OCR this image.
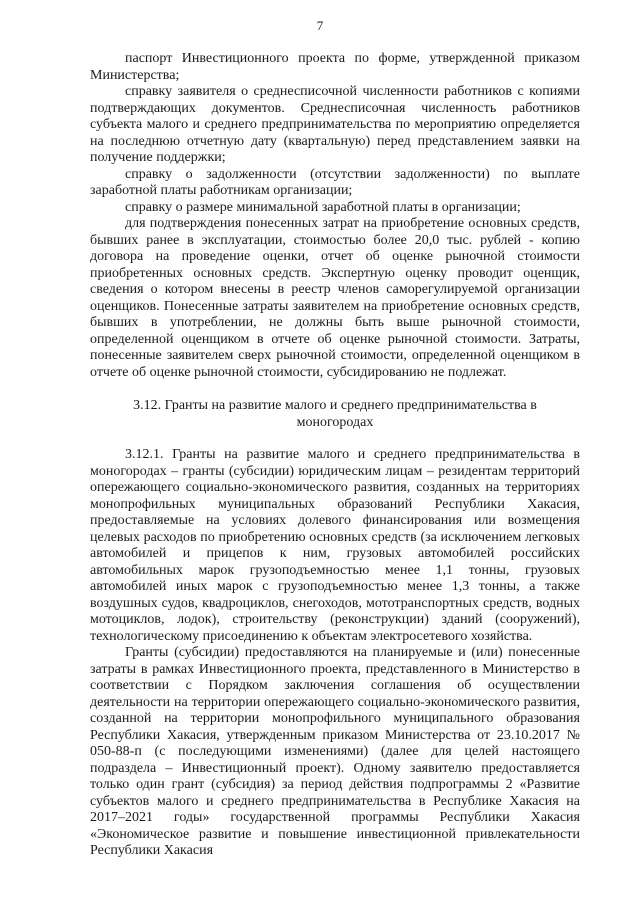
7

паспорт Инвестиционного проекта по форме, утвержденной приказом Министерства;

справку заявителя о среднесписочной численности работников с копиями подтверждающих документов. Среднесписочная численность работников субъекта малого и среднего предпринимательства по мероприятию определяется на последнюю отчетную дату (квартальную) перед представлением заявки на получение поддержки;

справку о задолженности (отсутствии задолженности) по выплате заработной платы работникам организации;

справку о размере минимальной заработной платы в организации;

для подтверждения понесенных затрат на приобретение основных средств, бывших ранее в эксплуатации, стоимостью более 20,0 тыс. рублей - копию договора на проведение оценки, отчет об оценке рыночной стоимости приобретенных основных средств. Экспертную оценку проводит оценщик, сведения о котором внесены в реестр членов саморегулируемой организации оценщиков. Понесенные затраты заявителем на приобретение основных средств, бывших в употреблении, не должны быть выше рыночной стоимости, определенной оценщиком в отчете об оценке рыночной стоимости. Затраты, понесенные заявителем сверх рыночной стоимости, определенной оценщиком в отчете об оценке рыночной стоимости, субсидированию не подлежат.

3.12. Гранты на развитие малого и среднего предпринимательства в моногородах

3.12.1. Гранты на развитие малого и среднего предпринимательства в моногородах – гранты (субсидии) юридическим лицам – резидентам территорий опережающего социально-экономического развития, созданных на территориях монопрофильных муниципальных образований Республики Хакасия, предоставляемые на условиях долевого финансирования или возмещения целевых расходов по приобретению основных средств (за исключением легковых автомобилей и прицепов к ним, грузовых автомобилей российских автомобильных марок грузоподъемностью менее 1,1 тонны, грузовых автомобилей иных марок с грузоподъемностью менее 1,3 тонны, а также воздушных судов, квадроциклов, снегоходов, мототранспортных средств, водных мотоциклов, лодок), строительству (реконструкции) зданий (сооружений), технологическому присоединению к объектам электросетевого хозяйства.

Гранты (субсидии) предоставляются на планируемые и (или) понесенные затраты в рамках Инвестиционного проекта, представленного в Министерство в соответствии с Порядком заключения соглашения об осуществлении деятельности на территории опережающего социально-экономического развития, созданной на территории монопрофильного муниципального образования Республики Хакасия, утвержденным приказом Министерства от 23.10.2017 № 050-88-п (с последующими изменениями) (далее для целей настоящего подраздела – Инвестиционный проект). Одному заявителю предоставляется только один грант (субсидия) за период действия подпрограммы 2 «Развитие субъектов малого и среднего предпринимательства в Республике Хакасия на 2017–2021 годы» государственной программы Республики Хакасия «Экономическое развитие и повышение инвестиционной привлекательности Республики Хакасия
